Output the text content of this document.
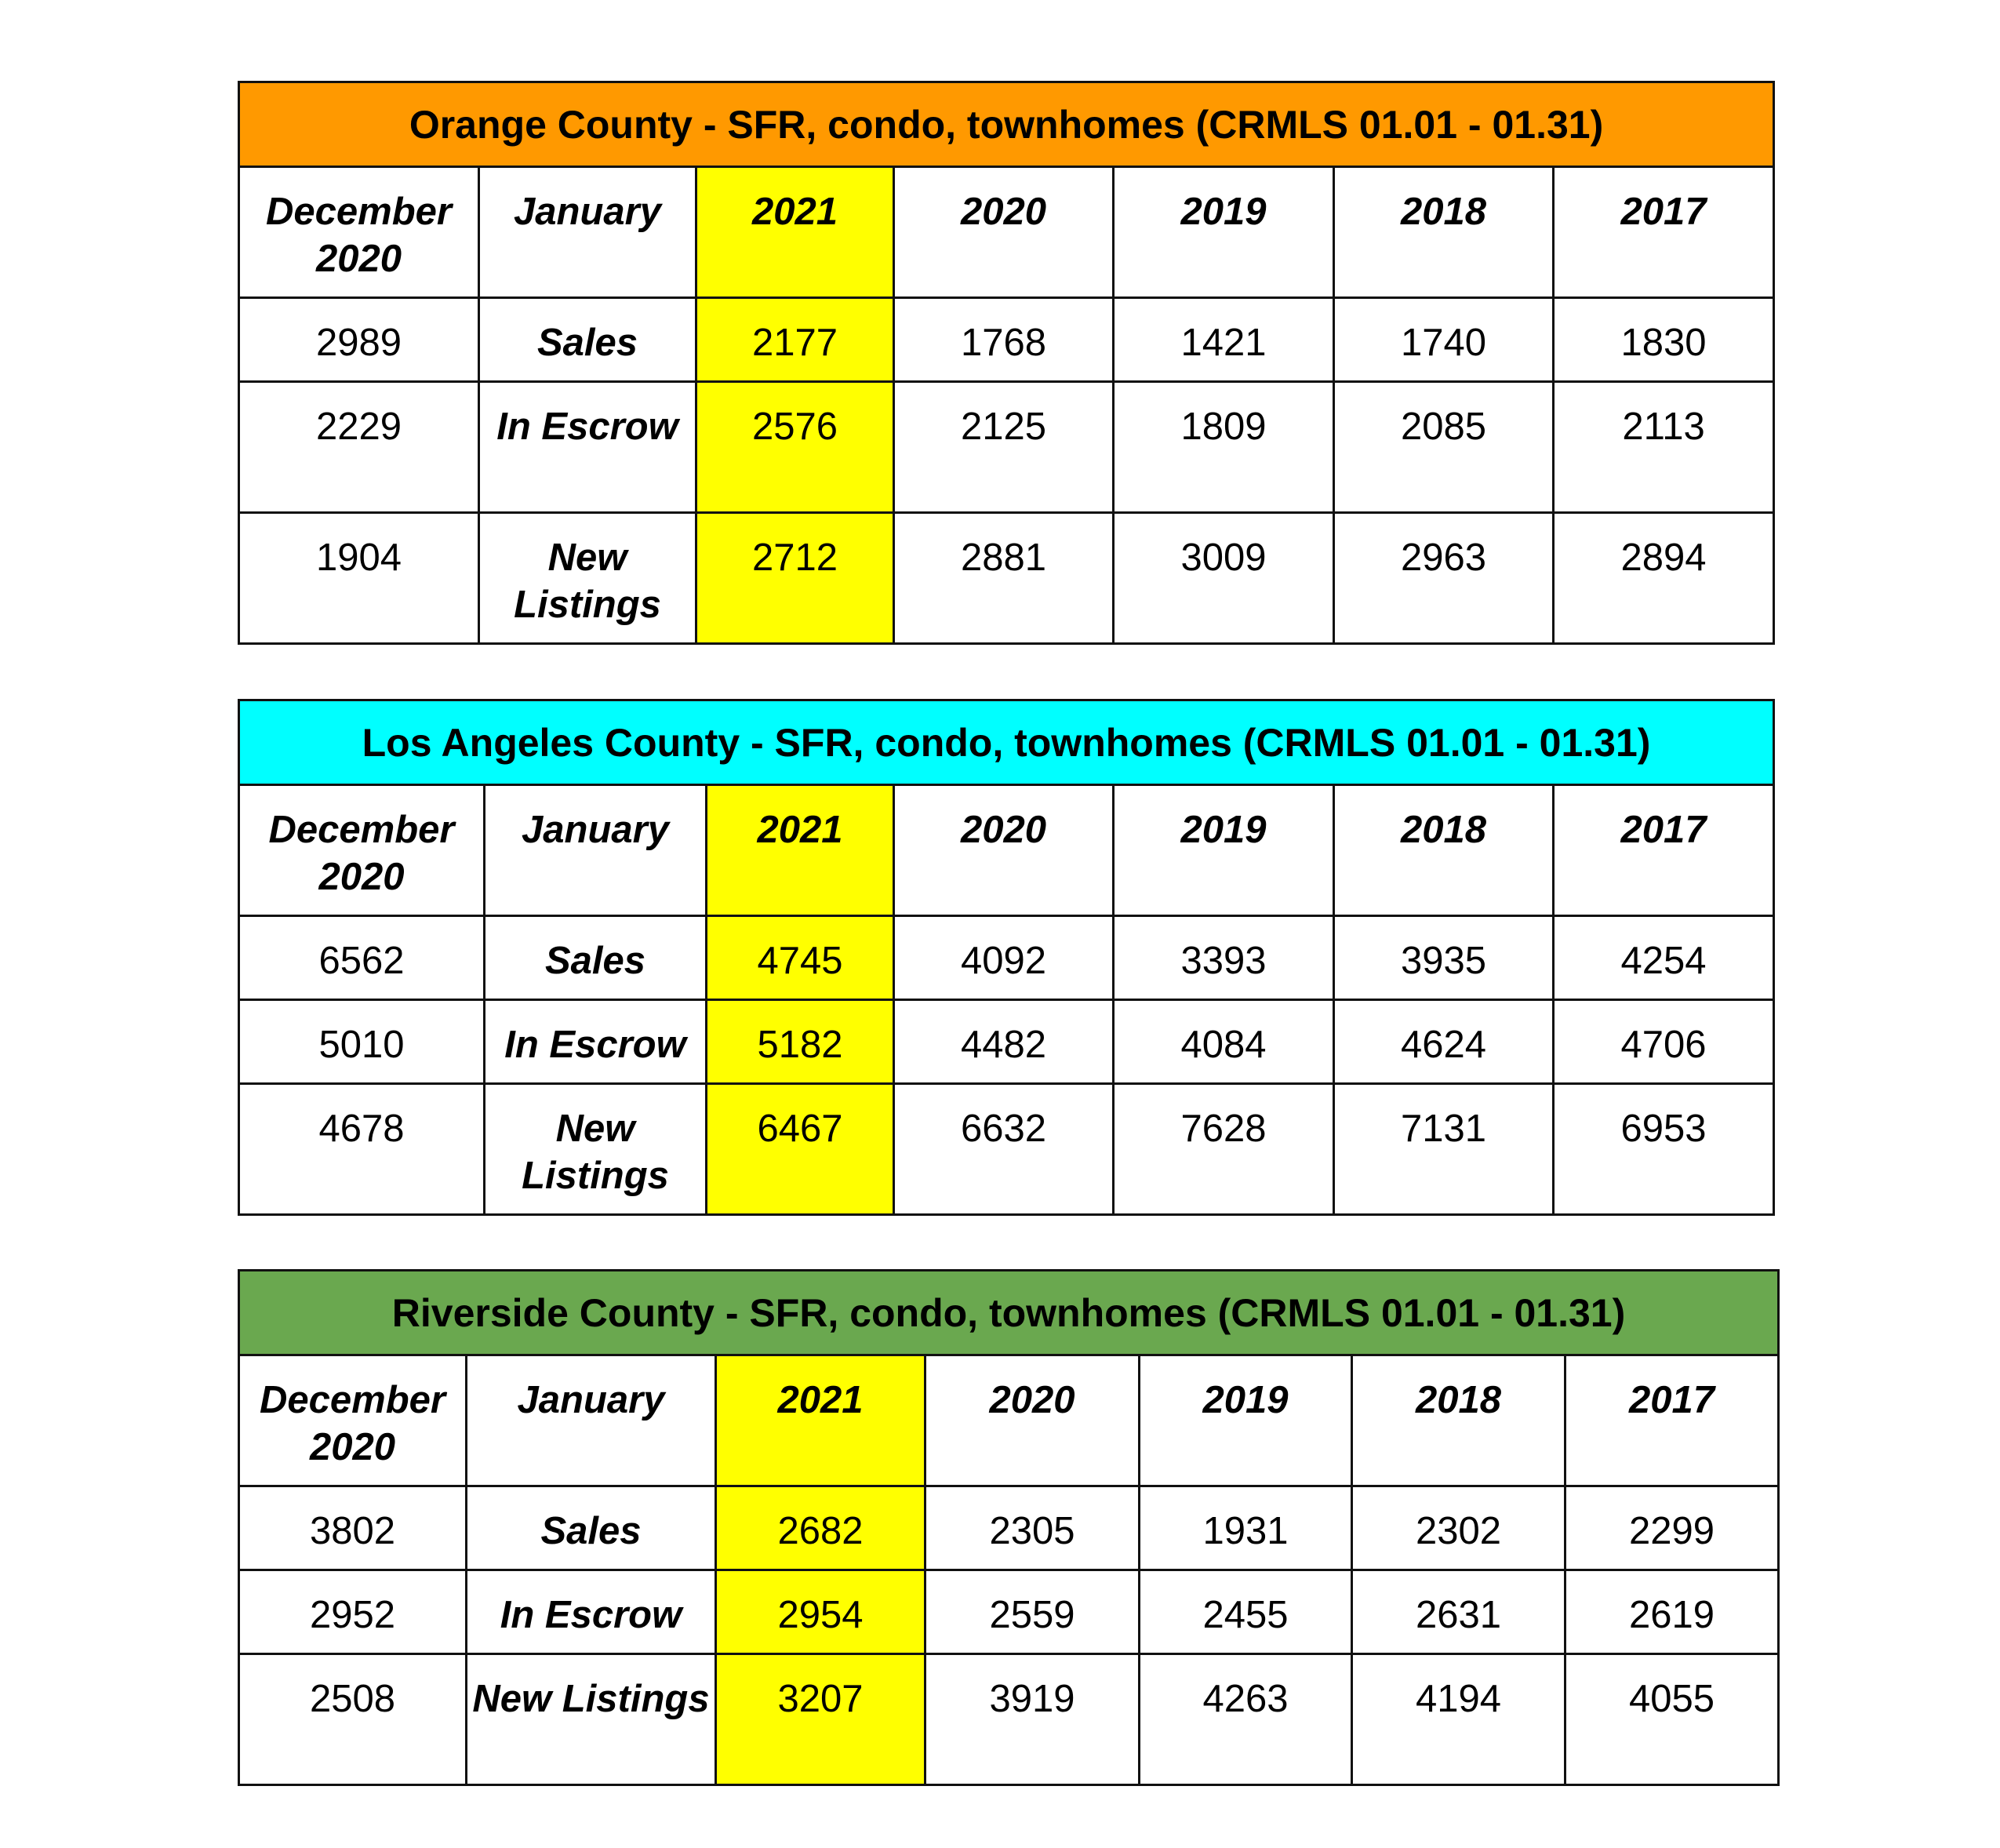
Orange County - SFR, condo, townhomes (CRMLS 01.01 - 01.31)						
December 2020	January	2021	2020	2019	2018	2017
2989	Sales	2177	1768	1421	1740	1830
2229	In Escrow	2576	2125	1809	2085	2113
1904	New Listings	2712	2881	3009	2963	2894
Los Angeles County - SFR, condo, townhomes (CRMLS 01.01 - 01.31)						
December 2020	January	2021	2020	2019	2018	2017
6562	Sales	4745	4092	3393	3935	4254
5010	In Escrow	5182	4482	4084	4624	4706
4678	New Listings	6467	6632	7628	7131	6953
Riverside County - SFR, condo, townhomes (CRMLS 01.01 - 01.31)						
December 2020	January	2021	2020	2019	2018	2017
3802	Sales	2682	2305	1931	2302	2299
2952	In Escrow	2954	2559	2455	2631	2619
2508	New Listings	3207	3919	4263	4194	4055
